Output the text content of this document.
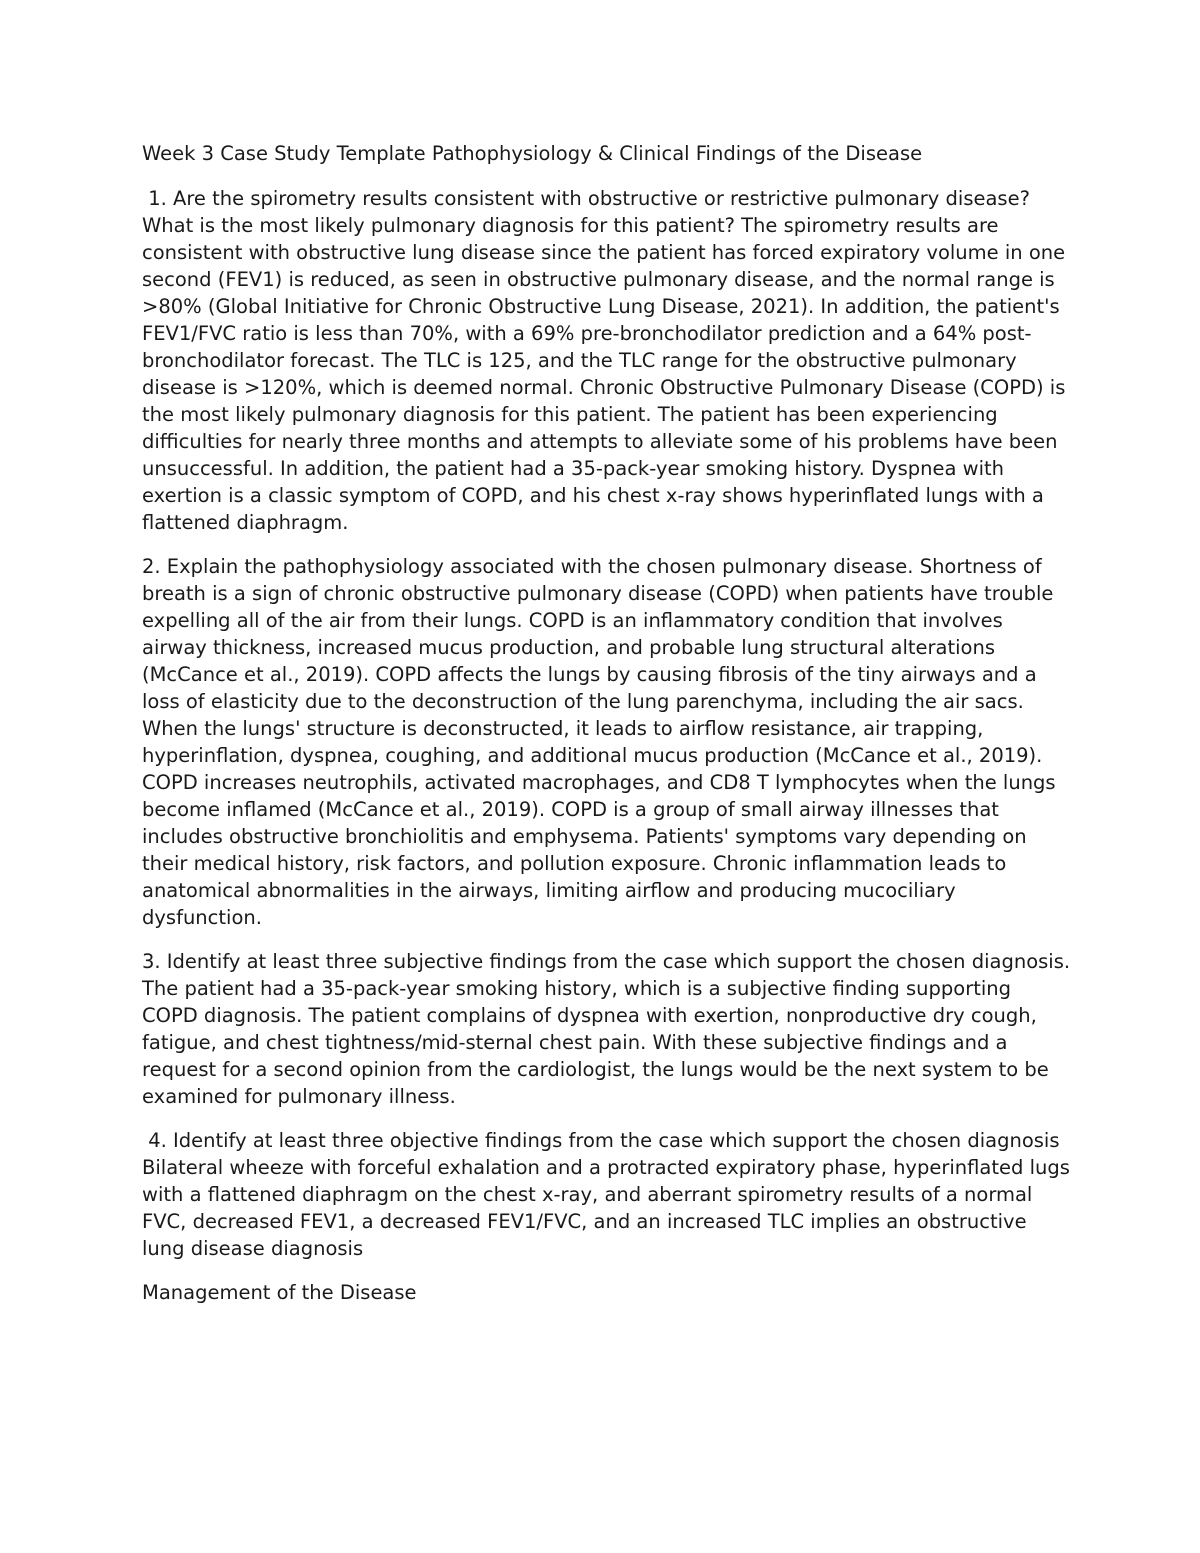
Week 3 Case Study Template Pathophysiology & Clinical Findings of the Disease

1. Are the spirometry results consistent with obstructive or restrictive pulmonary disease? What is the most likely pulmonary diagnosis for this patient? The spirometry results are consistent with obstructive lung disease since the patient has forced expiratory volume in one second (FEV1) is reduced, as seen in obstructive pulmonary disease, and the normal range is >80% (Global Initiative for Chronic Obstructive Lung Disease, 2021). In addition, the patient's FEV1/FVC ratio is less than 70%, with a 69% pre-bronchodilator prediction and a 64% post-bronchodilator forecast. The TLC is 125, and the TLC range for the obstructive pulmonary disease is >120%, which is deemed normal. Chronic Obstructive Pulmonary Disease (COPD) is the most likely pulmonary diagnosis for this patient. The patient has been experiencing difficulties for nearly three months and attempts to alleviate some of his problems have been unsuccessful. In addition, the patient had a 35-pack-year smoking history. Dyspnea with exertion is a classic symptom of COPD, and his chest x-ray shows hyperinflated lungs with a flattened diaphragm.

2. Explain the pathophysiology associated with the chosen pulmonary disease. Shortness of breath is a sign of chronic obstructive pulmonary disease (COPD) when patients have trouble expelling all of the air from their lungs. COPD is an inflammatory condition that involves airway thickness, increased mucus production, and probable lung structural alterations (McCance et al., 2019). COPD affects the lungs by causing fibrosis of the tiny airways and a loss of elasticity due to the deconstruction of the lung parenchyma, including the air sacs. When the lungs' structure is deconstructed, it leads to airflow resistance, air trapping, hyperinflation, dyspnea, coughing, and additional mucus production (McCance et al., 2019). COPD increases neutrophils, activated macrophages, and CD8 T lymphocytes when the lungs become inflamed (McCance et al., 2019). COPD is a group of small airway illnesses that includes obstructive bronchiolitis and emphysema. Patients' symptoms vary depending on their medical history, risk factors, and pollution exposure. Chronic inflammation leads to anatomical abnormalities in the airways, limiting airflow and producing mucociliary dysfunction.

3. Identify at least three subjective findings from the case which support the chosen diagnosis. The patient had a 35-pack-year smoking history, which is a subjective finding supporting COPD diagnosis. The patient complains of dyspnea with exertion, nonproductive dry cough, fatigue, and chest tightness/mid-sternal chest pain. With these subjective findings and a request for a second opinion from the cardiologist, the lungs would be the next system to be examined for pulmonary illness.

4. Identify at least three objective findings from the case which support the chosen diagnosis Bilateral wheeze with forceful exhalation and a protracted expiratory phase, hyperinflated lugs with a flattened diaphragm on the chest x-ray, and aberrant spirometry results of a normal FVC, decreased FEV1, a decreased FEV1/FVC, and an increased TLC implies an obstructive lung disease diagnosis

Management of the Disease
